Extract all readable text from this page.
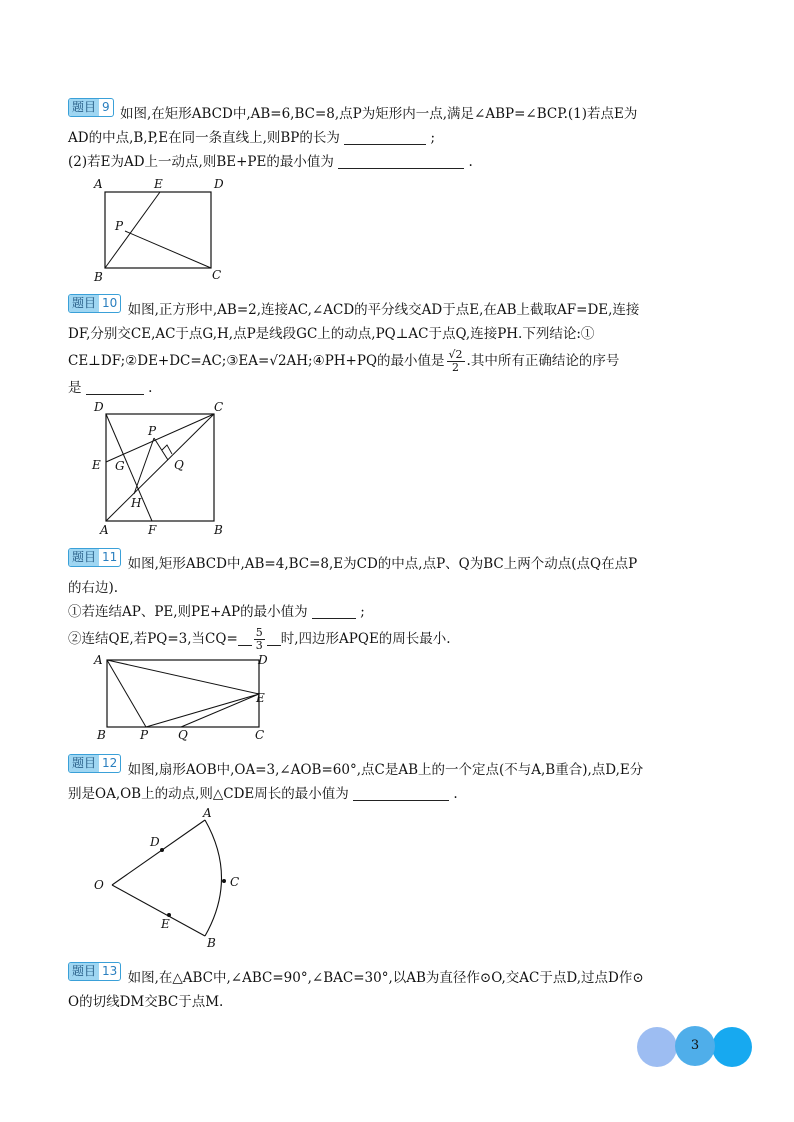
题目 9 如图,在矩形ABCD中,AB=6,BC=8,点P为矩形内一点,满足∠ABP=∠BCP.(1)若点E为
AD的中点,B,P,E在同一条直线上,则BP的长为	;
(2)若E为AD上一动点,则BE+PE的最小值为	.
A	E	D
P
B	C
题目 10 如图,正方形中,AB=2,连接AC,∠ACD的平分线交AD于点E,在AB上截取AF=DE,连接
DF,分别交CE,AC于点G,H,点P是线段GC上的动点,PQ⊥AC于点Q,连接PH.下列结论:①
CE⊥DF;②DE+DC=AC;③EA=√2AH;④PH+PQ的最小值是 $\frac{√2}{2}$ .其中所有正确结论的序号
是	.
D	C
P
E G	Q
H
A	F	B
题目 11 如图,矩形ABCD中,AB=4,BC=8,E为CD的中点,点P、Q为BC上两个动点(点Q在点P
的右边).
①若连结AP、PE,则PE+AP的最小值为	;
②连结QE,若PQ=3,当$CQ= \frac{5}{3}$ 时,四边形APQE的周长最小.
A	D
E
B	P Q	C
题目 12 如图,扇形AOB中,OA=3,∠AOB=60°,点C是AB上的一个定点(不与A,B重合),点D,E分
别是OA,OB上的动点,则△CDE周长的最小值为	.
A
D
O	C
E
B
题目 13 如图,在△ABC中,∠ABC=90°,∠BAC=30°,以AB为直径作⊙O,交AC于点D,过点D作⊙
O的切线DM交BC于点M.
3
